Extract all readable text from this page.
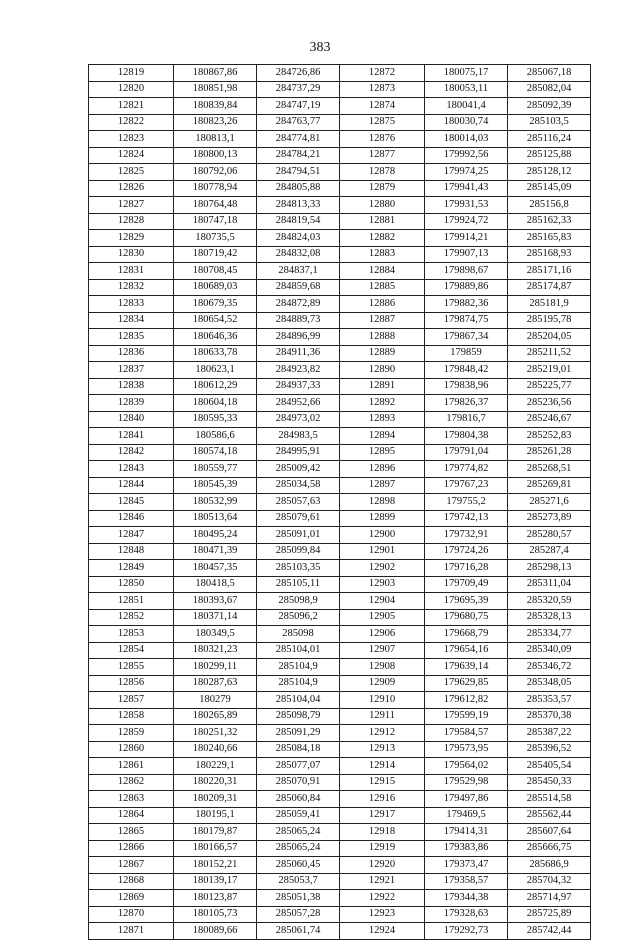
383
12819	180867,86	284726,86	12872	180075,17	285067,18
12820	180851,98	284737,29	12873	180053,11	285082,04
12821	180839,84	284747,19	12874	180041,4	285092,39
12822	180823,26	284763,77	12875	180030,74	285103,5
12823	180813,1	284774,81	12876	180014,03	285116,24
12824	180800,13	284784,21	12877	179992,56	285125,88
12825	180792,06	284794,51	12878	179974,25	285128,12
12826	180778,94	284805,88	12879	179941,43	285145,09
12827	180764,48	284813,33	12880	179931,53	285156,8
12828	180747,18	284819,54	12881	179924,72	285162,33
12829	180735,5	284824,03	12882	179914,21	285165,83
12830	180719,42	284832,08	12883	179907,13	285168,93
12831	180708,45	284837,1	12884	179898,67	285171,16
12832	180689,03	284859,68	12885	179889,86	285174,87
12833	180679,35	284872,89	12886	179882,36	285181,9
12834	180654,52	284889,73	12887	179874,75	285195,78
12835	180646,36	284896,99	12888	179867,34	285204,05
12836	180633,78	284911,36	12889	179859	285211,52
12837	180623,1	284923,82	12890	179848,42	285219,01
12838	180612,29	284937,33	12891	179838,96	285225,77
12839	180604,18	284952,66	12892	179826,37	285236,56
12840	180595,33	284973,02	12893	179816,7	285246,67
12841	180586,6	284983,5	12894	179804,38	285252,83
12842	180574,18	284995,91	12895	179791,04	285261,28
12843	180559,77	285009,42	12896	179774,82	285268,51
12844	180545,39	285034,58	12897	179767,23	285269,81
12845	180532,99	285057,63	12898	179755,2	285271,6
12846	180513,64	285079,61	12899	179742,13	285273,89
12847	180495,24	285091,01	12900	179732,91	285280,57
12848	180471,39	285099,84	12901	179724,26	285287,4
12849	180457,35	285103,35	12902	179716,28	285298,13
12850	180418,5	285105,11	12903	179709,49	285311,04
12851	180393,67	285098,9	12904	179695,39	285320,59
12852	180371,14	285096,2	12905	179680,75	285328,13
12853	180349,5	285098	12906	179668,79	285334,77
12854	180321,23	285104,01	12907	179654,16	285340,09
12855	180299,11	285104,9	12908	179639,14	285346,72
12856	180287,63	285104,9	12909	179629,85	285348,05
12857	180279	285104,04	12910	179612,82	285353,57
12858	180265,89	285098,79	12911	179599,19	285370,38
12859	180251,32	285091,29	12912	179584,57	285387,22
12860	180240,66	285084,18	12913	179573,95	285396,52
12861	180229,1	285077,07	12914	179564,02	285405,54
12862	180220,31	285070,91	12915	179529,98	285450,33
12863	180209,31	285060,84	12916	179497,86	285514,58
12864	180195,1	285059,41	12917	179469,5	285562,44
12865	180179,87	285065,24	12918	179414,31	285607,64
12866	180166,57	285065,24	12919	179383,86	285666,75
12867	180152,21	285060,45	12920	179373,47	285686,9
12868	180139,17	285053,7	12921	179358,57	285704,32
12869	180123,87	285051,38	12922	179344,38	285714,97
12870	180105,73	285057,28	12923	179328,63	285725,89
12871	180089,66	285061,74	12924	179292,73	285742,44
